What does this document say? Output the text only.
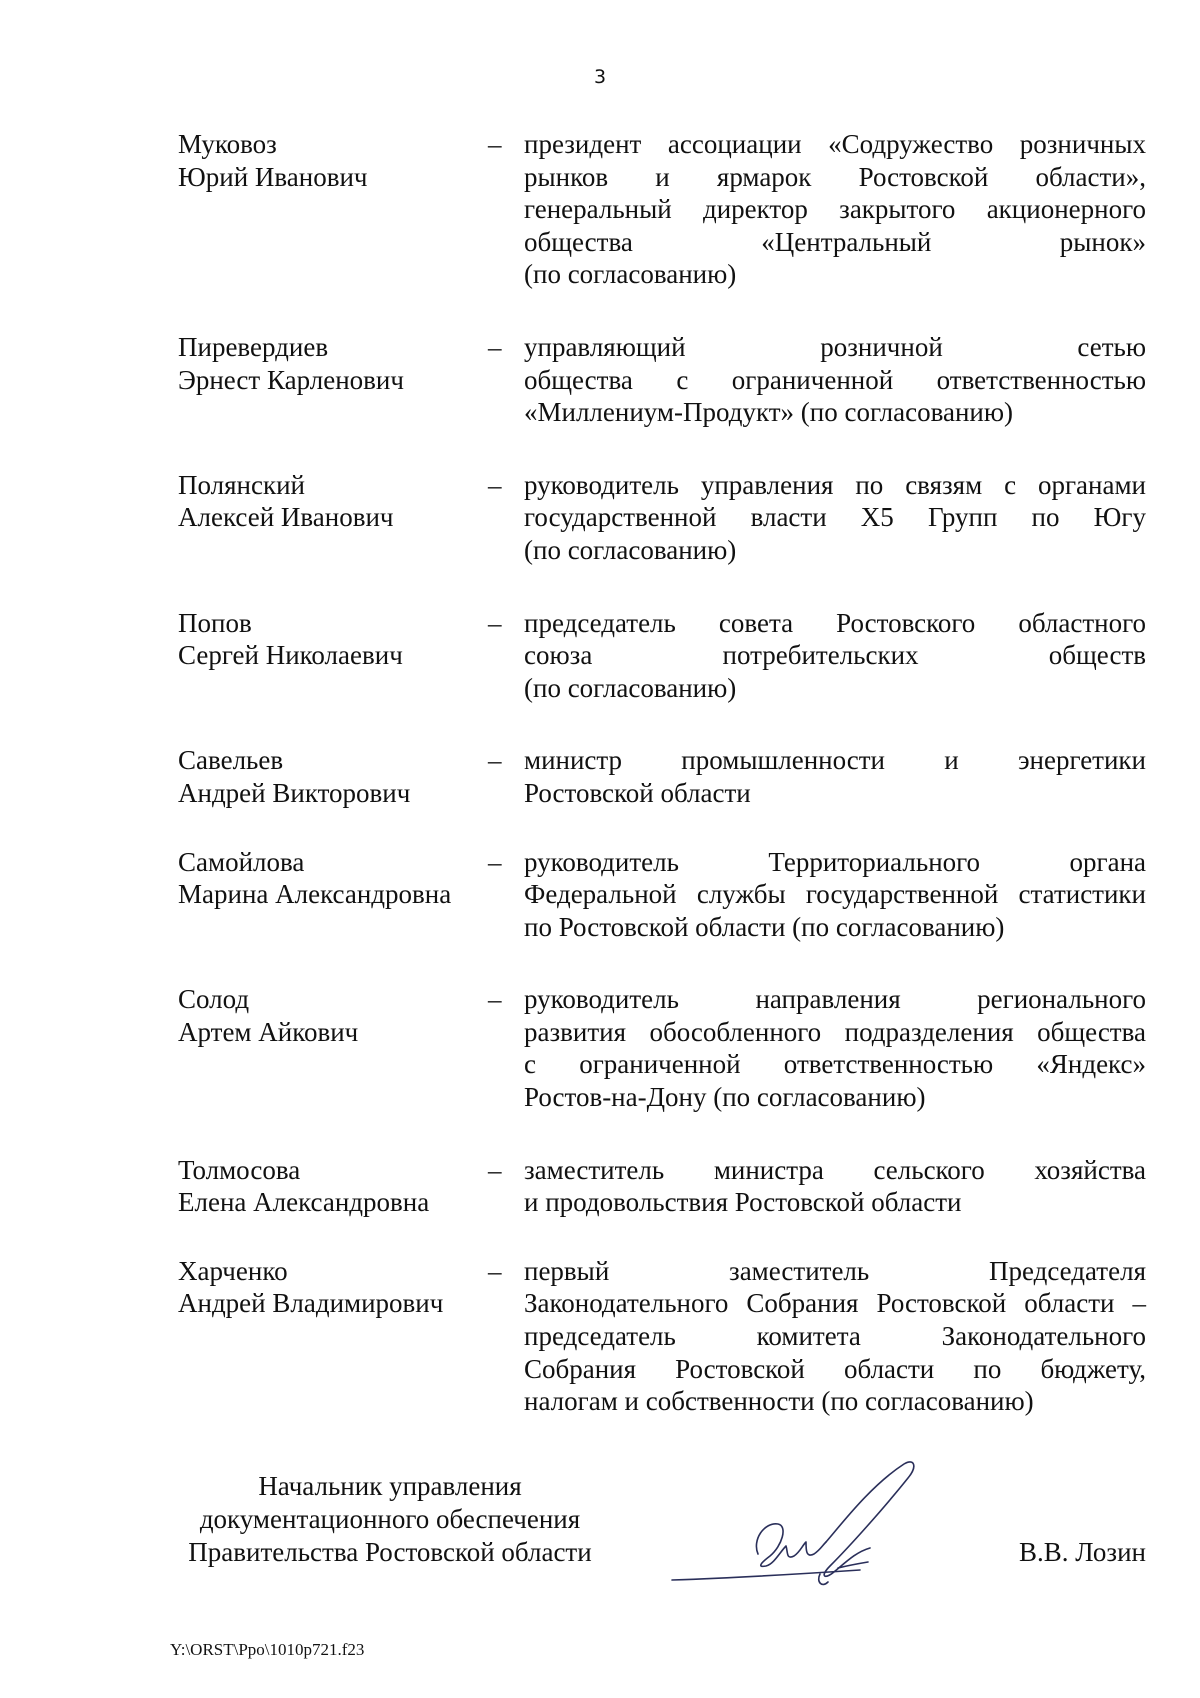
3
Муковоз
Юрий Иванович
– президент ассоциации «Содружество розничных
рынков и ярмарок Ростовской области»,
генеральный директор закрытого акционерного
общества «Центральный рынок»
(по согласованию)
Пиревердиев
Эрнест Карленович
– управляющий розничной сетью
общества с ограниченной ответственностью
«Миллениум-Продукт» (по согласованию)
Полянский
Алексей Иванович
– руководитель управления по связям с органами
государственной власти Х5 Групп по Югу
(по согласованию)
Попов
Сергей Николаевич
– председатель совета Ростовского областного
союза потребительских обществ
(по согласованию)
Савельев
Андрей Викторович
– министр промышленности и энергетики
Ростовской области
Самойлова
Марина Александровна
– руководитель Территориального органа
Федеральной службы государственной статистики
по Ростовской области (по согласованию)
Солод
Артем Айкович
– руководитель направления регионального
развития обособленного подразделения общества
с ограниченной ответственностью «Яндекс»
Ростов-на-Дону (по согласованию)
Толмосова
Елена Александровна
– заместитель министра сельского хозяйства
и продовольствия Ростовской области
Харченко
Андрей Владимирович
– первый заместитель Председателя
Законодательного Собрания Ростовской области –
председатель комитета Законодательного
Собрания Ростовской области по бюджету,
налогам и собственности (по согласованию)
Начальник управления
документационного обеспечения
Правительства Ростовской области	В.В. Лозин
Y:\ORST\Ppo\1010p721.f23
